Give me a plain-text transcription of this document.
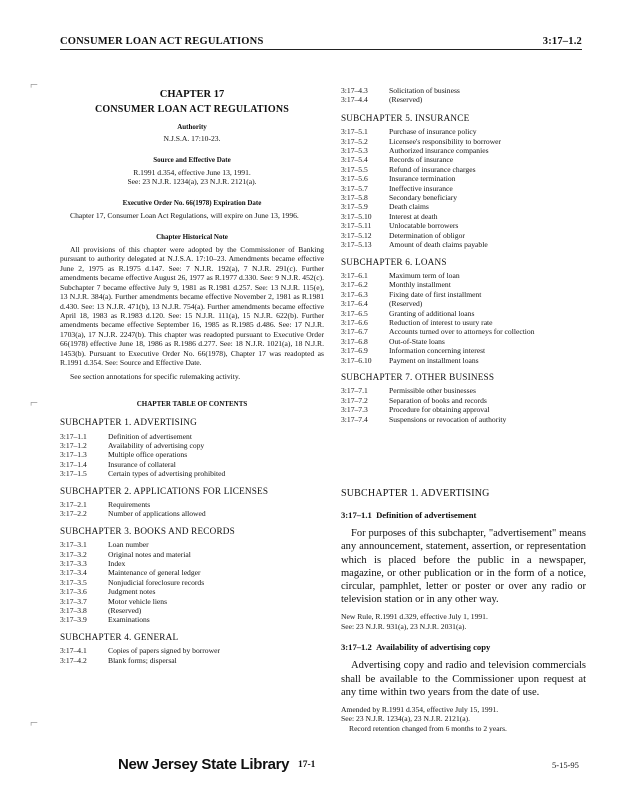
CONSUMER LOAN ACT REGULATIONS	3:17–1.2
⌐
⌐
⌐
CHAPTER 17
CONSUMER LOAN ACT REGULATIONS
Authority
N.J.S.A. 17:10-23.
Source and Effective Date
R.1991 d.354, effective June 13, 1991.
See: 23 N.J.R. 1234(a), 23 N.J.R. 2121(a).
Executive Order No. 66(1978) Expiration Date
Chapter 17, Consumer Loan Act Regulations, will expire on June 13, 1996.
Chapter Historical Note
All provisions of this chapter were adopted by the Commissioner of Banking pursuant to authority delegated at N.J.S.A. 17:10–23. Amendments became effective June 2, 1975 as R.1975 d.147. See: 7 N.J.R. 192(a), 7 N.J.R. 291(c). Further amendments became effective August 26, 1977 as R.1977 d.330. See: 9 N.J.R. 452(c). Subchapter 7 became effective July 9, 1981 as R.1981 d.257. See: 13 N.J.R. 115(e), 13 N.J.R. 384(a). Further amendments became effective November 2, 1981 as R.1981 d.430. See: 13 N.J.R. 471(b), 13 N.J.R. 754(a). Further amendments became effective April 18, 1983 as R.1983 d.120. See: 15 N.J.R. 111(a), 15 N.J.R. 622(b). Further amendments became effective September 16, 1985 as R.1985 d.486. See: 17 N.J.R. 1703(a), 17 N.J.R. 2247(b). This chapter was readopted pursuant to Executive Order 66(1978) effective June 18, 1986 as R.1986 d.277. See: 18 N.J.R. 1021(a), 18 N.J.R. 1453(b). Pursuant to Executive Order No. 66(1978), Chapter 17 was readopted as R.1991 d.354. See: Source and Effective Date.
See section annotations for specific rulemaking activity.
CHAPTER TABLE OF CONTENTS
SUBCHAPTER 1. ADVERTISING
3:17–1.1	Definition of advertisement
3:17–1.2	Availability of advertising copy
3:17–1.3	Multiple office operations
3:17–1.4	Insurance of collateral
3:17–1.5	Certain types of advertising prohibited
SUBCHAPTER 2. APPLICATIONS FOR LICENSES
3:17–2.1	Requirements
3:17–2.2	Number of applications allowed
SUBCHAPTER 3. BOOKS AND RECORDS
3:17–3.1	Loan number
3:17–3.2	Original notes and material
3:17–3.3	Index
3:17–3.4	Maintenance of general ledger
3:17–3.5	Nonjudicial foreclosure records
3:17–3.6	Judgment notes
3:17–3.7	Motor vehicle liens
3:17–3.8	(Reserved)
3:17–3.9	Examinations
SUBCHAPTER 4. GENERAL
3:17–4.1	Copies of papers signed by borrower
3:17–4.2	Blank forms; dispersal
3:17–4.3	Solicitation of business
3:17–4.4	(Reserved)
SUBCHAPTER 5. INSURANCE
3:17–5.1	Purchase of insurance policy
3:17–5.2	Licensee's responsibility to borrower
3:17–5.3	Authorized insurance companies
3:17–5.4	Records of insurance
3:17–5.5	Refund of insurance charges
3:17–5.6	Insurance termination
3:17–5.7	Ineffective insurance
3:17–5.8	Secondary beneficiary
3:17–5.9	Death claims
3:17–5.10	Interest at death
3:17–5.11	Unlocatable borrowers
3:17–5.12	Determination of obligor
3:17–5.13	Amount of death claims payable
SUBCHAPTER 6. LOANS
3:17–6.1	Maximum term of loan
3:17–6.2	Monthly installment
3:17–6.3	Fixing date of first installment
3:17–6.4	(Reserved)
3:17–6.5	Granting of additional loans
3:17–6.6	Reduction of interest to usury rate
3:17–6.7	Accounts turned over to attorneys for collection
3:17–6.8	Out-of-State loans
3:17–6.9	Information concerning interest
3:17–6.10	Payment on installment loans
SUBCHAPTER 7. OTHER BUSINESS
3:17–7.1	Permissible other businesses
3:17–7.2	Separation of books and records
3:17–7.3	Procedure for obtaining approval
3:17–7.4	Suspensions or revocation of authority
SUBCHAPTER 1. ADVERTISING
3:17–1.1 Definition of advertisement
For purposes of this subchapter, "advertisement" means any announcement, statement, assertion, or representation which is placed before the public in a newspaper, magazine, or other publication or in the form of a notice, circular, pamphlet, letter or poster or over any radio or television station or in any other way.
New Rule, R.1991 d.329, effective July 1, 1991.
See: 23 N.J.R. 931(a), 23 N.J.R. 2031(a).
3:17–1.2 Availability of advertising copy
Advertising copy and radio and television commercials shall be available to the Commissioner upon request at any time within two years from the date of use.
Amended by R.1991 d.354, effective July 15, 1991.
See: 23 N.J.R. 1234(a), 23 N.J.R. 2121(a).
Record retention changed from 6 months to 2 years.
New Jersey State Library 17-1	5-15-95
